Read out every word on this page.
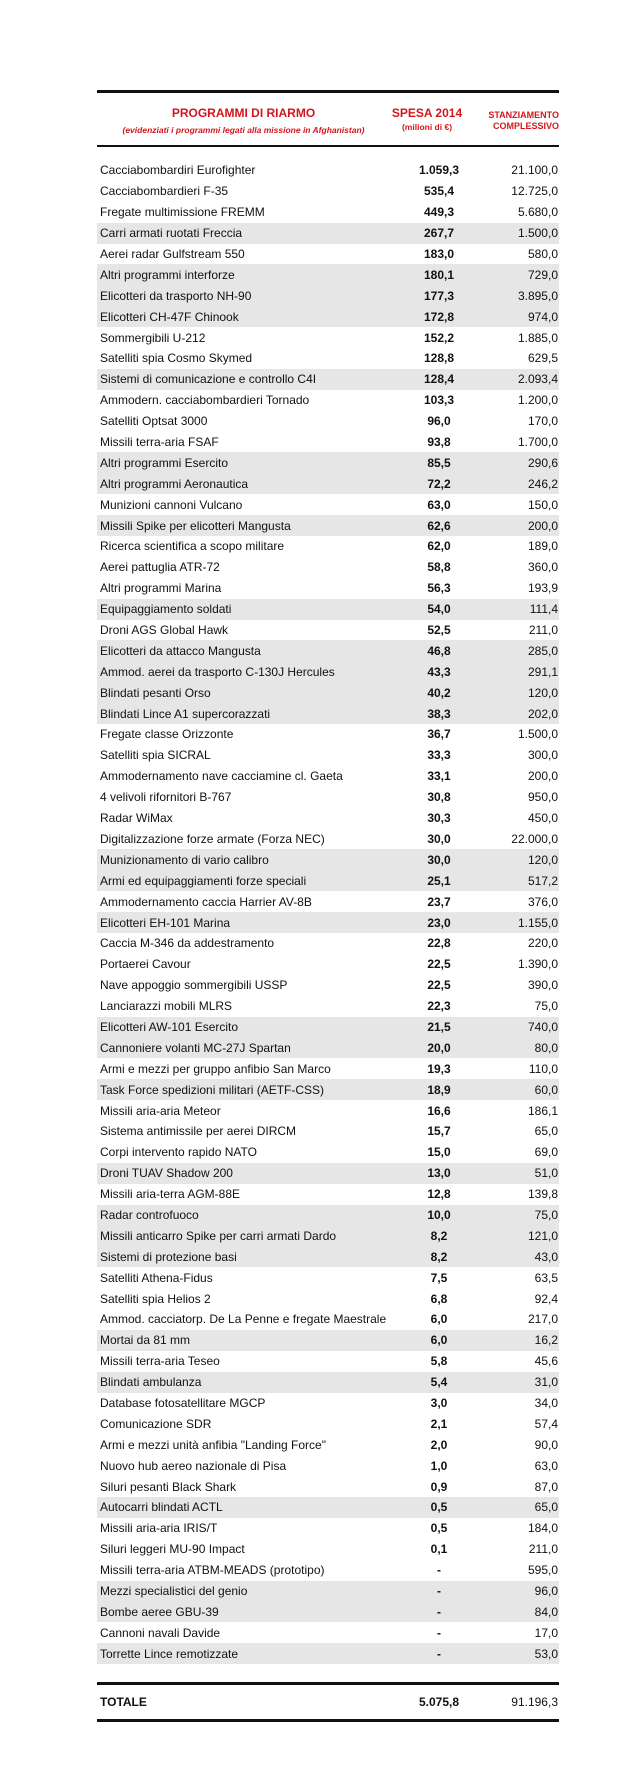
PROGRAMMI DI RIARMO
(evidenziati i programmi legati alla missione in Afghanistan)
SPESA 2014
(milioni di €)
STANZIAMENTO
COMPLESSIVO
Cacciabombardiri Eurofighter	1.059,3	21.100,0
Cacciabombardieri F-35	535,4	12.725,0
Fregate multimissione FREMM	449,3	5.680,0
Carri armati ruotati Freccia	267,7	1.500,0
Aerei radar Gulfstream 550	183,0	580,0
Altri programmi interforze	180,1	729,0
Elicotteri da trasporto NH-90	177,3	3.895,0
Elicotteri CH-47F Chinook	172,8	974,0
Sommergibili U-212	152,2	1.885,0
Satelliti spia Cosmo Skymed	128,8	629,5
Sistemi di comunicazione e controllo C4I	128,4	2.093,4
Ammodern. cacciabombardieri Tornado	103,3	1.200,0
Satelliti Optsat 3000	96,0	170,0
Missili terra-aria FSAF	93,8	1.700,0
Altri programmi Esercito	85,5	290,6
Altri programmi Aeronautica	72,2	246,2
Munizioni cannoni Vulcano	63,0	150,0
Missili Spike per elicotteri Mangusta	62,6	200,0
Ricerca scientifica a scopo militare	62,0	189,0
Aerei pattuglia ATR-72	58,8	360,0
Altri programmi Marina	56,3	193,9
Equipaggiamento soldati	54,0	111,4
Droni AGS Global Hawk	52,5	211,0
Elicotteri da attacco Mangusta	46,8	285,0
Ammod. aerei da trasporto C-130J Hercules	43,3	291,1
Blindati pesanti Orso	40,2	120,0
Blindati Lince A1 supercorazzati	38,3	202,0
Fregate classe Orizzonte	36,7	1.500,0
Satelliti spia SICRAL	33,3	300,0
Ammodernamento nave cacciamine cl. Gaeta	33,1	200,0
4 velivoli rifornitori B-767	30,8	950,0
Radar WiMax	30,3	450,0
Digitalizzazione forze armate (Forza NEC)	30,0	22.000,0
Munizionamento di vario calibro	30,0	120,0
Armi ed equipaggiamenti forze speciali	25,1	517,2
Ammodernamento caccia Harrier AV-8B	23,7	376,0
Elicotteri EH-101 Marina	23,0	1.155,0
Caccia M-346 da addestramento	22,8	220,0
Portaerei Cavour	22,5	1.390,0
Nave appoggio sommergibili USSP	22,5	390,0
Lanciarazzi mobili MLRS	22,3	75,0
Elicotteri AW-101 Esercito	21,5	740,0
Cannoniere volanti MC-27J Spartan	20,0	80,0
Armi e mezzi per gruppo anfibio San Marco	19,3	110,0
Task Force spedizioni militari (AETF-CSS)	18,9	60,0
Missili aria-aria Meteor	16,6	186,1
Sistema antimissile per aerei DIRCM	15,7	65,0
Corpi intervento rapido NATO	15,0	69,0
Droni TUAV Shadow 200	13,0	51,0
Missili aria-terra AGM-88E	12,8	139,8
Radar controfuoco	10,0	75,0
Missili anticarro Spike per carri armati Dardo	8,2	121,0
Sistemi di protezione basi	8,2	43,0
Satelliti Athena-Fidus	7,5	63,5
Satelliti spia Helios 2	6,8	92,4
Ammod. cacciatorp. De La Penne e fregate Maestrale	6,0	217,0
Mortai da 81 mm	6,0	16,2
Missili terra-aria Teseo	5,8	45,6
Blindati ambulanza	5,4	31,0
Database fotosatellitare MGCP	3,0	34,0
Comunicazione SDR	2,1	57,4
Armi e mezzi unità anfibia "Landing Force"	2,0	90,0
Nuovo hub aereo nazionale di Pisa	1,0	63,0
Siluri pesanti Black Shark	0,9	87,0
Autocarri blindati ACTL	0,5	65,0
Missili aria-aria IRIS/T	0,5	184,0
Siluri leggeri MU-90 Impact	0,1	211,0
Missili terra-aria ATBM-MEADS (prototipo)	-	595,0
Mezzi specialistici del genio	-	96,0
Bombe aeree GBU-39	-	84,0
Cannoni navali Davide	-	17,0
Torrette Lince remotizzate	-	53,0
TOTALE	5.075,8	91.196,3
